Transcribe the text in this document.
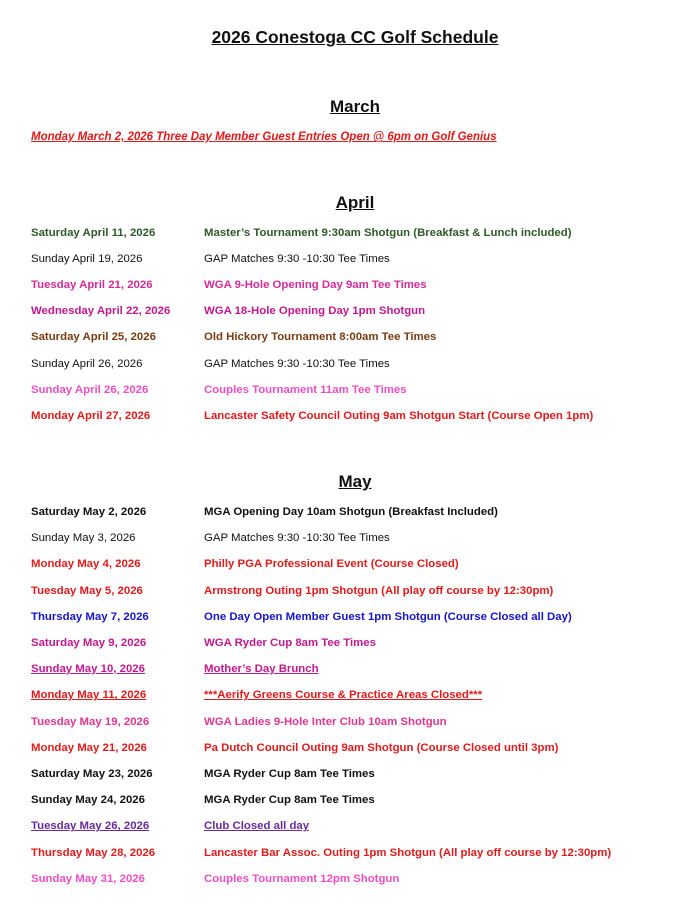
2026 Conestoga CC Golf Schedule
March
Monday March 2, 2026 Three Day Member Guest Entries Open @ 6pm on Golf Genius
April
Saturday April 11, 2026	Master’s Tournament 9:30am Shotgun (Breakfast & Lunch included)
Sunday April 19, 2026	GAP Matches 9:30 -10:30 Tee Times
Tuesday April 21, 2026	WGA 9-Hole Opening Day 9am Tee Times
Wednesday April 22, 2026	WGA 18-Hole Opening Day 1pm Shotgun
Saturday April 25, 2026	Old Hickory Tournament 8:00am Tee Times
Sunday April 26, 2026	GAP Matches 9:30 -10:30 Tee Times
Sunday April 26, 2026	Couples Tournament 11am Tee Times
Monday April 27, 2026	Lancaster Safety Council Outing 9am Shotgun Start (Course Open 1pm)
May
Saturday May 2, 2026	MGA Opening Day 10am Shotgun (Breakfast Included)
Sunday May 3, 2026	GAP Matches 9:30 -10:30 Tee Times
Monday May 4, 2026	Philly PGA Professional Event (Course Closed)
Tuesday May 5, 2026	Armstrong Outing 1pm Shotgun (All play off course by 12:30pm)
Thursday May 7, 2026	One Day Open Member Guest 1pm Shotgun (Course Closed all Day)
Saturday May 9, 2026	WGA Ryder Cup 8am Tee Times
Sunday May 10, 2026	Mother’s Day Brunch
Monday May 11, 2026	***Aerify Greens Course & Practice Areas Closed***
Tuesday May 19, 2026	WGA Ladies 9-Hole Inter Club 10am Shotgun
Monday May 21, 2026	Pa Dutch Council Outing 9am Shotgun (Course Closed until 3pm)
Saturday May 23, 2026	MGA Ryder Cup 8am Tee Times
Sunday May 24, 2026	MGA Ryder Cup 8am Tee Times
Tuesday May 26, 2026	Club Closed all day
Thursday May 28, 2026	Lancaster Bar Assoc. Outing 1pm Shotgun (All play off course by 12:30pm)
Sunday May 31, 2026	Couples Tournament 12pm Shotgun
